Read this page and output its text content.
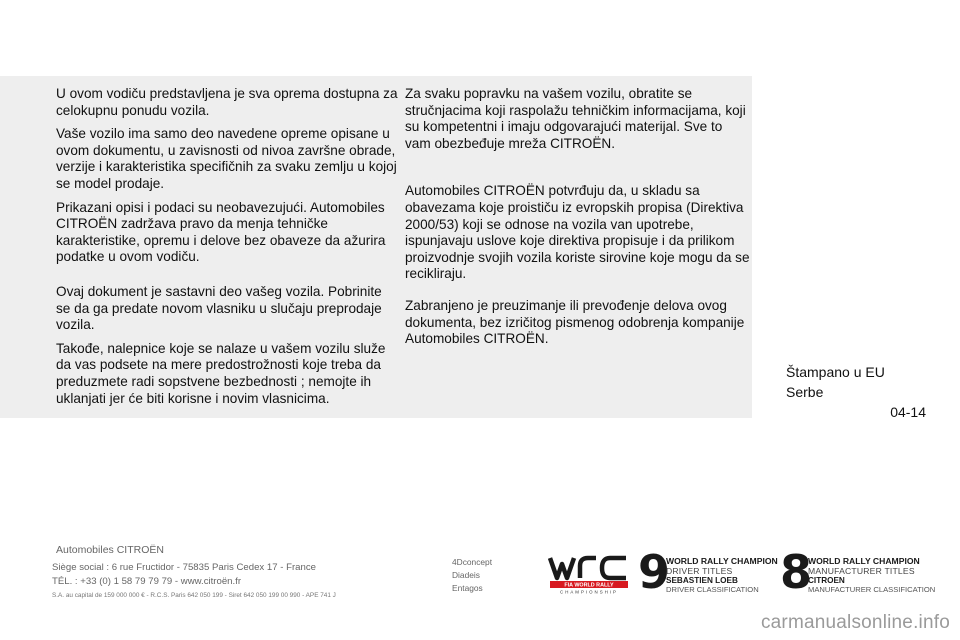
U ovom vodiču predstavljena je sva oprema dostupna za celokupnu ponudu vozila.

Vaše vozilo ima samo deo navedene opreme opisane u ovom dokumentu, u zavisnosti od nivoa završne obrade, verzije i karakteristika specifičnih za svaku zemlju u kojoj se model prodaje.

Prikazani opisi i podaci su neobavezujući. Automobiles CITROËN zadržava pravo da menja tehničke karakteristike, opremu i delove bez obaveze da ažurira podatke u ovom vodiču.

Ovaj dokument je sastavni deo vašeg vozila. Pobrinite se da ga predate novom vlasniku u slučaju preprodaje vozila.

Takođe, nalepnice koje se nalaze u vašem vozilu služe da vas podsete na mere predostrožnosti koje treba da preduzmete radi sopstvene bezbednosti ; nemojte ih uklanjati jer će biti korisne i novim vlasnicima.

Za svaku popravku na vašem vozilu, obratite se stručnjacima koji raspolažu tehničkim informacijama, koji su kompetentni i imaju odgovarajući materijal. Sve to vam obezbeđuje mreža CITROËN.

Automobiles CITROËN potvrđuju da, u skladu sa obavezama koje proističu iz evropskih propisa (Direktiva 2000/53) koji se odnose na vozila van upotrebe, ispunjavaju uslove koje direktiva propisuje i da prilikom proizvodnje svojih vozila koriste sirovine koje mogu da se recikliraju.

Zabranjeno je preuzimanje ili prevođenje delova ovog dokumenta, bez izričitog pismenog odobrenja kompanije Automobiles CITROËN.

Štampano u EU
Serbe
04-14
Automobiles CITROËN
Siège social : 6 rue Fructidor - 75835 Paris Cedex 17 - France
TÉL. : +33 (0) 1 58 79 79 79 - www.citroën.fr
S.A. au capital de 159 000 000 € - R.C.S. Paris 642 050 199 - Siret 642 050 199 00 990 - APE 741 J
4Dconcept
Diadeis
Entagos	FIA WORLD RALLY
CHAMPIONSHIP 9
WORLD RALLY CHAMPION
DRIVER TITLES
SEBASTIEN LOEB
DRIVER CLASSIFICATION 8
WORLD RALLY CHAMPION
MANUFACTURER TITLES
CITROEN
MANUFACTURER CLASSIFICATION
carmanualsonline.info
